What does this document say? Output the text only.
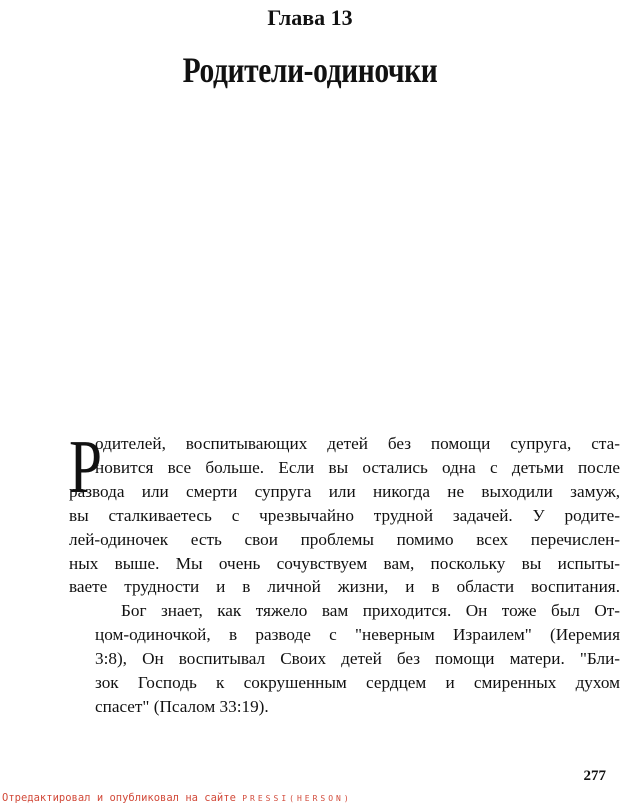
Глава 13
Родители-одиночки
Р
одителей, воспитывающих детей без помощи супруга, ста-
новится все больше. Если вы остались одна с детьми после
развода или смерти супруга или никогда не выходили замуж,
вы сталкиваетесь с чрезвычайно трудной задачей. У родите-
лей-одиночек есть свои проблемы помимо всех перечислен-
ных выше. Мы очень сочувствуем вам, поскольку вы испыты-
ваете трудности и в личной жизни, и в области воспитания.
Бог знает, как тяжело вам приходится. Он тоже был От-
цом-одиночкой, в разводе с "неверным Израилем" (Иеремия
3:8), Он воспитывал Своих детей без помощи матери. "Бли-
зок Господь к сокрушенным сердцем и смиренных духом
спасет" (Псалом 33:19).
277
Отредактировал и опубликовал на сайте PRESSI(HERSON)
